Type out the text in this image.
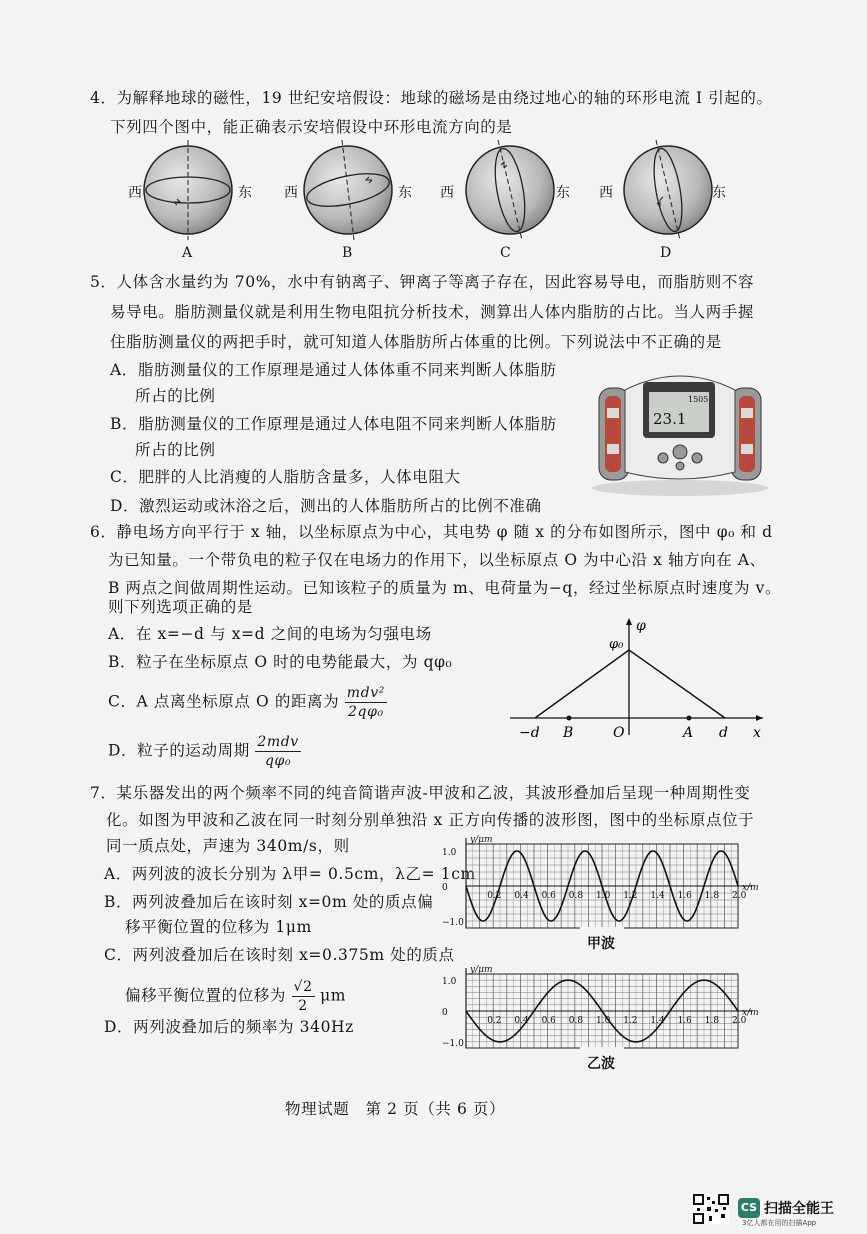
4．为解释地球的磁性，19 世纪安培假设：地球的磁场是由绕过地心的轴的环形电流 I 引起的。
下列四个图中，能正确表示安培假设中环形电流方向的是
西	东 西	东 西	东 西	东
A	B	C	D
5．人体含水量约为 70%，水中有钠离子、钾离子等离子存在，因此容易导电，而脂肪则不容
易导电。脂肪测量仪就是利用生物电阻抗分析技术，测算出人体内脂肪的占比。当人两手握
住脂肪测量仪的两把手时，就可知道人体脂肪所占体重的比例。下列说法中不正确的是
A．脂肪测量仪的工作原理是通过人体体重不同来判断人体脂肪
所占的比例
B．脂肪测量仪的工作原理是通过人体电阻不同来判断人体脂肪
所占的比例
C．肥胖的人比消瘦的人脂肪含量多，人体电阻大
D．激烈运动或沐浴之后，测出的人体脂肪所占的比例不准确
23.1
1505
6．静电场方向平行于 x 轴，以坐标原点为中心，其电势 φ 随 x 的分布如图所示，图中 φ₀ 和 d
为已知量。一个带负电的粒子仅在电场力的作用下，以坐标原点 O 为中心沿 x 轴方向在 A、
B 两点之间做周期性运动。已知该粒子的质量为 m、电荷量为−q，经过坐标原点时速度为 v。
则下列选项正确的是
A．在 x=−d 与 x=d 之间的电场为匀强电场
B．粒子在坐标原点 O 时的电势能最大，为 qφ₀
C．A 点离坐标原点 O 的距离为 $\frac{\text{mdv²}}{\text{2qφ₀}}$
D．粒子的运动周期 $\frac{\text{2mdv}}{\text{qφ₀}}$
φ
φ₀
x
−d B	O	A d
7．某乐器发出的两个频率不同的纯音简谐声波-甲波和乙波，其波形叠加后呈现一种周期性变
化。如图为甲波和乙波在同一时刻分别单独沿 x 正方向传播的波形图，图中的坐标原点位于
同一质点处，声速为 340m/s，则
A．两列波的波长分别为 λ甲= 0.5cm，λ乙= 1cm
B．两列波叠加后在该时刻 x=0m 处的质点偏
移平衡位置的位移为 1μm
C．两列波叠加后在该时刻 x=0.375m 处的质点
偏移平衡位置的位移为 $\frac{√2}{2}$ μm
D．两列波叠加后的频率为 340Hz
0.2 0.4 0.6 0.8 1.0 1.2 1.4 1.6 1.8 2.0
1.0
0
−1.0
y/μm
x/m
甲波
0.2 0.4 0.6 0.8 1.0 1.2 1.4 1.6 1.8 2.0
1.0
0
−1.0
y/μm
x/m
乙波
物理试题　第 2 页（共 6 页）
CS 扫描全能王
3亿人都在用的扫描App
